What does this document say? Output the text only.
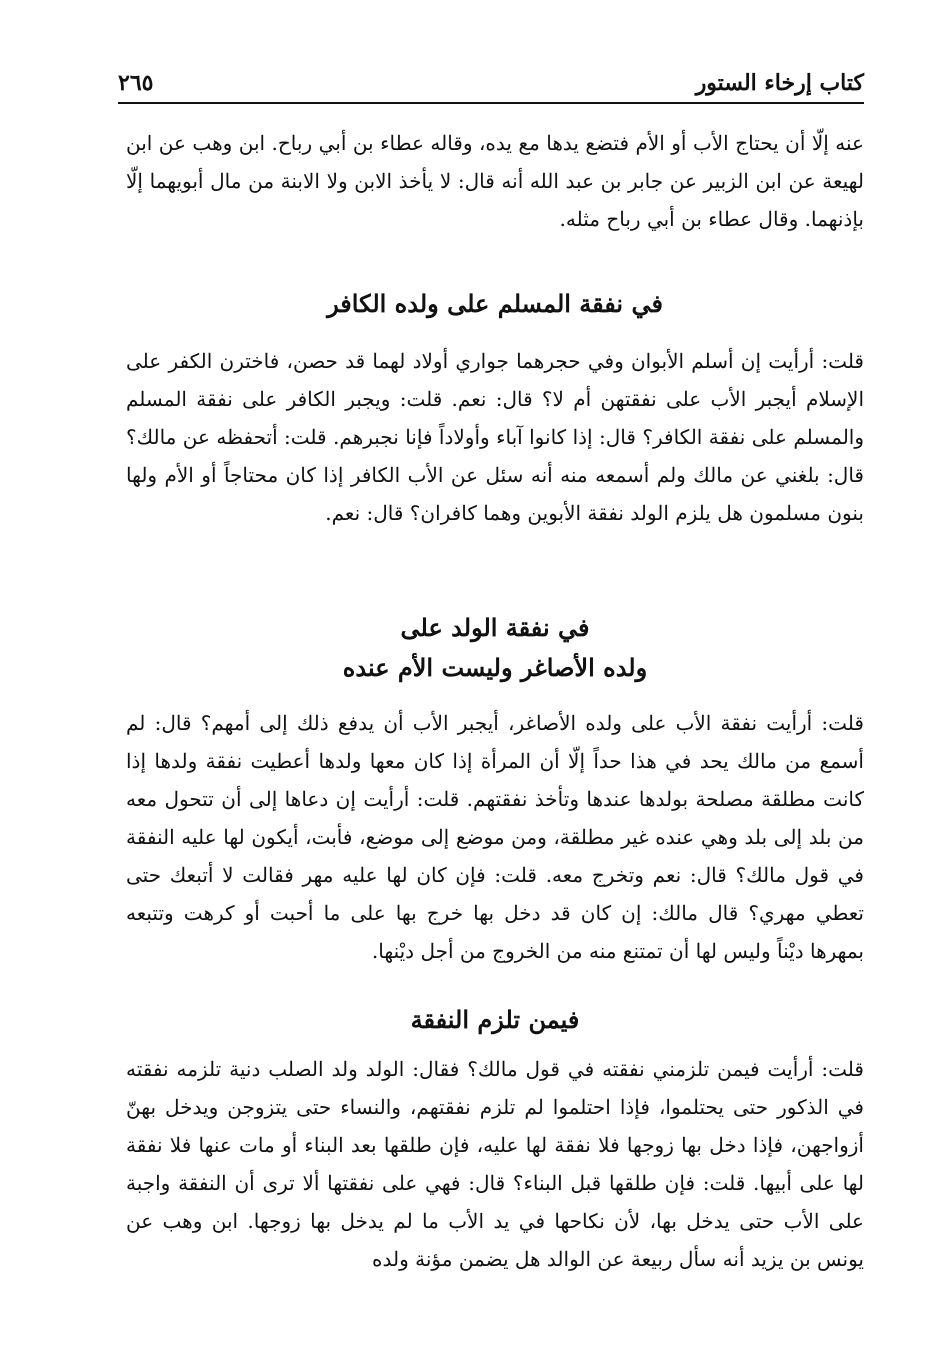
كتاب إرخاء الستور
٢٦٥
عنه إلّا أن يحتاج الأب أو الأم فتضع يدها مع يده، وقاله عطاء بن أبي رباح. ابن وهب عن ابن لهيعة عن ابن الزبير عن جابر بن عبد الله أنه قال: لا يأخذ الابن ولا الابنة من مال أبويهما إلّا بإذنهما. وقال عطاء بن أبي رباح مثله.
في نفقة المسلم على ولده الكافر
قلت: أرأيت إن أسلم الأبوان وفي حجرهما جواري أولاد لهما قد حصن، فاخترن الكفر على الإسلام أيجبر الأب على نفقتهن أم لا؟ قال: نعم. قلت: ويجبر الكافر على نفقة المسلم والمسلم على نفقة الكافر؟ قال: إذا كانوا آباء وأولاداً فإنا نجبرهم. قلت: أتحفظه عن مالك؟ قال: بلغني عن مالك ولم أسمعه منه أنه سئل عن الأب الكافر إذا كان محتاجاً أو الأم ولها بنون مسلمون هل يلزم الولد نفقة الأبوين وهما كافران؟ قال: نعم.
في نفقة الولد على
ولده الأصاغر وليست الأم عنده
قلت: أرأيت نفقة الأب على ولده الأصاغر، أيجبر الأب أن يدفع ذلك إلى أمهم؟ قال: لم أسمع من مالك يحد في هذا حداً إلّا أن المرأة إذا كان معها ولدها أعطيت نفقة ولدها إذا كانت مطلقة مصلحة بولدها عندها وتأخذ نفقتهم. قلت: أرأيت إن دعاها إلى أن تتحول معه من بلد إلى بلد وهي عنده غير مطلقة، ومن موضع إلى موضع، فأبت، أيكون لها عليه النفقة في قول مالك؟ قال: نعم وتخرج معه. قلت: فإن كان لها عليه مهر فقالت لا أتبعك حتى تعطي مهري؟ قال مالك: إن كان قد دخل بها خرج بها على ما أحبت أو كرهت وتتبعه بمهرها ديْناً وليس لها أن تمتنع منه من الخروج من أجل ديْنها.
فيمن تلزم النفقة
قلت: أرأيت فيمن تلزمني نفقته في قول مالك؟ فقال: الولد ولد الصلب دنية تلزمه نفقته في الذكور حتى يحتلموا، فإذا احتلموا لم تلزم نفقتهم، والنساء حتى يتزوجن ويدخل بهنّ أزواجهن، فإذا دخل بها زوجها فلا نفقة لها عليه، فإن طلقها بعد البناء أو مات عنها فلا نفقة لها على أبيها. قلت: فإن طلقها قبل البناء؟ قال: فهي على نفقتها ألا ترى أن النفقة واجبة على الأب حتى يدخل بها، لأن نكاحها في يد الأب ما لم يدخل بها زوجها. ابن وهب عن يونس بن يزيد أنه سأل ربيعة عن الوالد هل يضمن مؤنة ولده
